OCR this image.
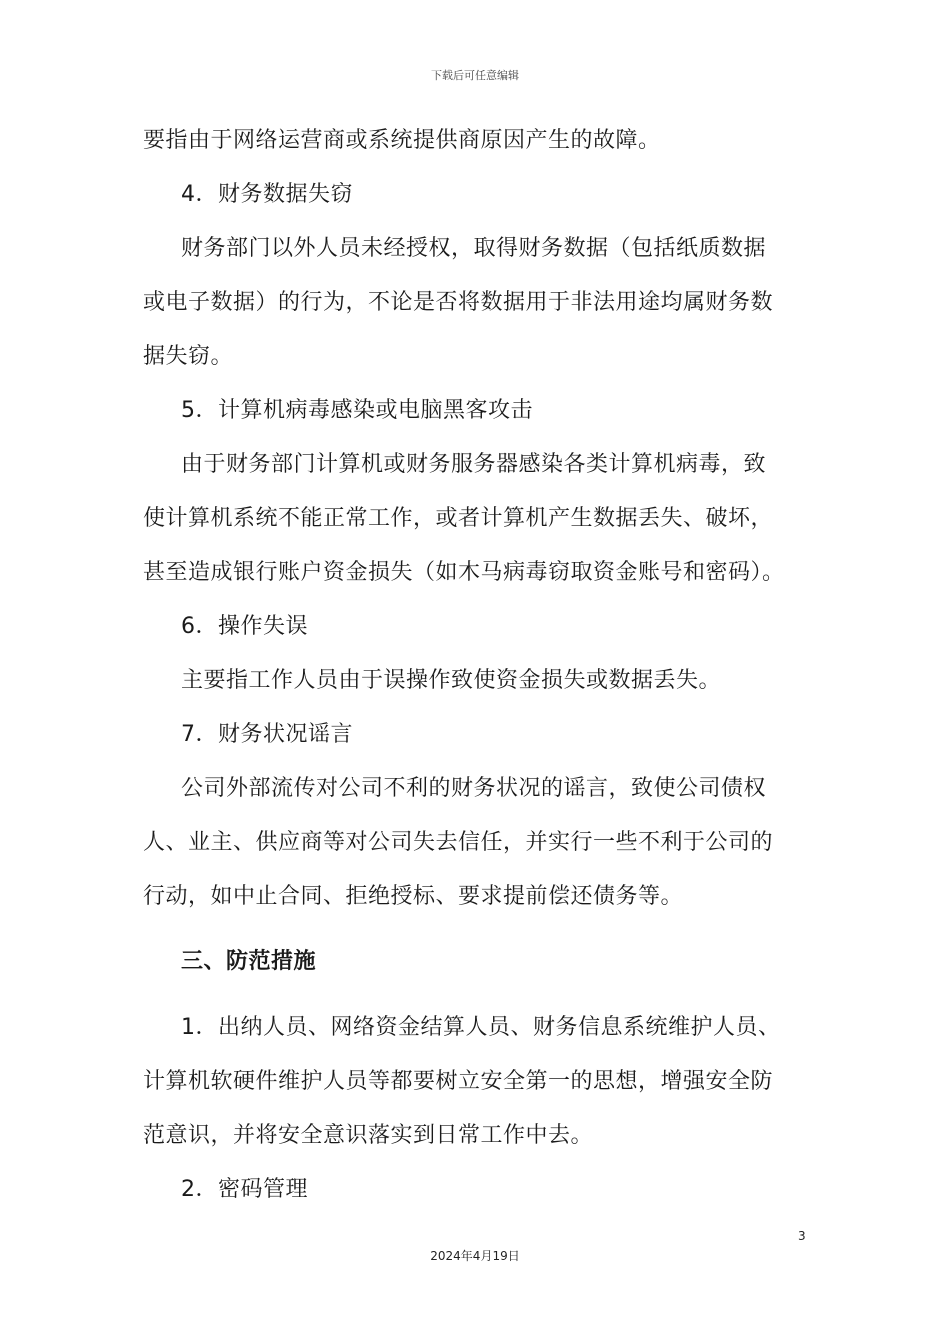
下载后可任意编辑
要指由于网络运营商或系统提供商原因产生的故障。
4．财务数据失窃
财务部门以外人员未经授权，取得财务数据（包括纸质数据
或电子数据）的行为，不论是否将数据用于非法用途均属财务数
据失窃。
5．计算机病毒感染或电脑黑客攻击
由于财务部门计算机或财务服务器感染各类计算机病毒，致
使计算机系统不能正常工作，或者计算机产生数据丢失、破坏，
甚至造成银行账户资金损失（如木马病毒窃取资金账号和密码）。
6．操作失误
主要指工作人员由于误操作致使资金损失或数据丢失。
7．财务状况谣言
公司外部流传对公司不利的财务状况的谣言，致使公司债权
人、业主、供应商等对公司失去信任，并实行一些不利于公司的
行动，如中止合同、拒绝授标、要求提前偿还债务等。
三、防范措施
1．出纳人员、网络资金结算人员、财务信息系统维护人员、
计算机软硬件维护人员等都要树立安全第一的思想，增强安全防
范意识，并将安全意识落实到日常工作中去。
2．密码管理
3
2024年4月19日
